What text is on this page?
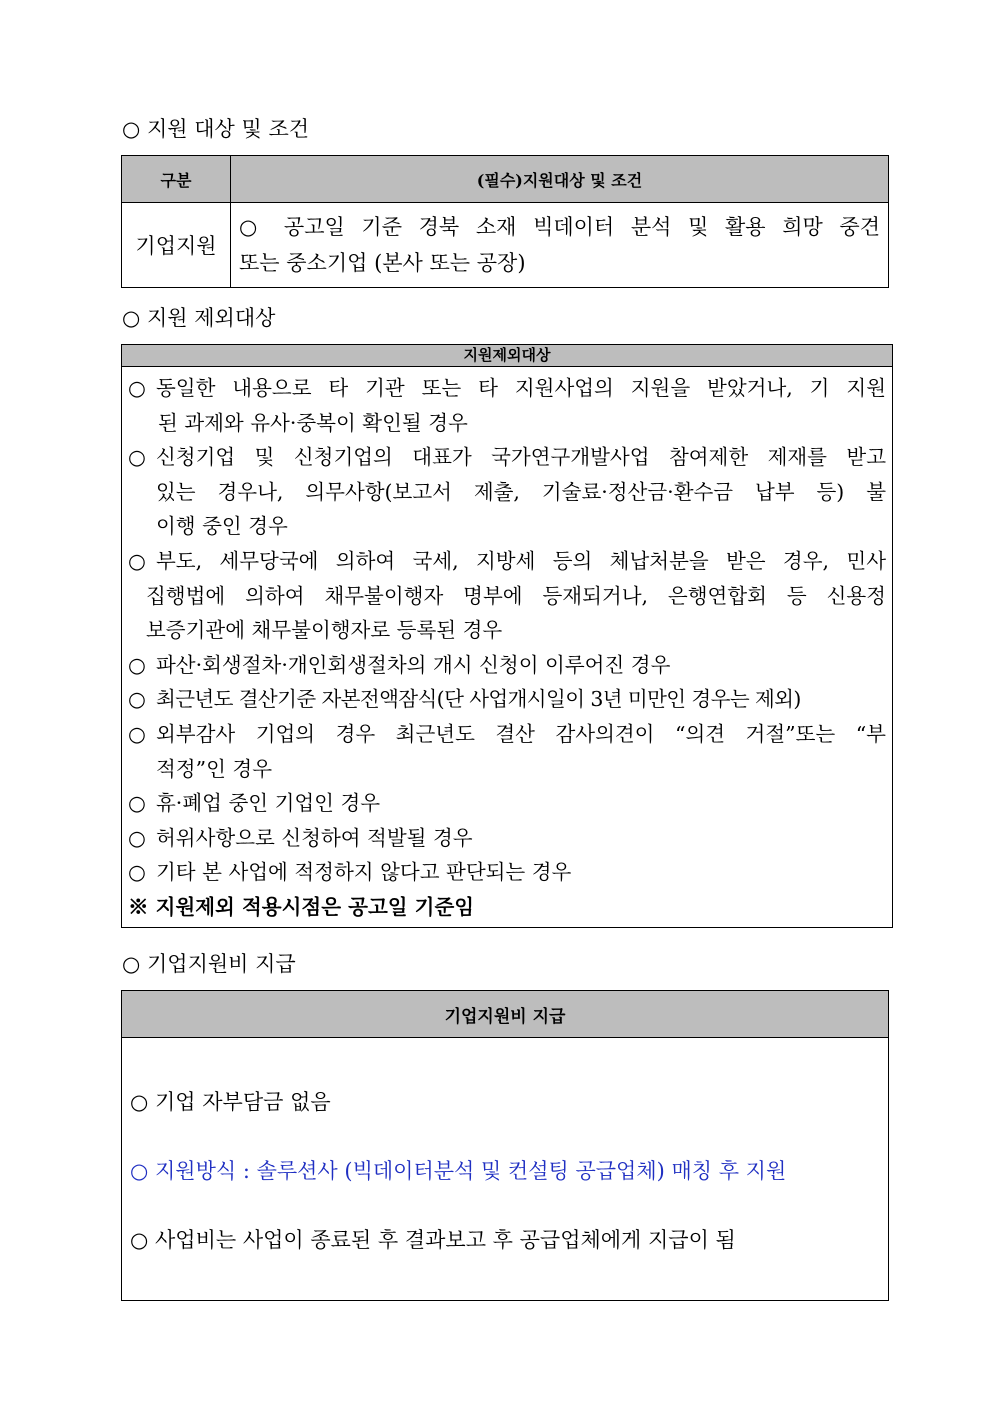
○ 지원 대상 및 조건
구분	(필수)지원대상 및 조건
기업지원	○ 공고일 기준 경북 소재 빅데이터 분석 및 활용 희망 중견
또는 중소기업 (본사 또는 공장)
○ 지원 제외대상
지원제외대상

○ 동일한 내용으로 타 기관 또는 타 지원사업의 지원을 받았거나, 기 지원
된 과제와 유사·중복이 확인될 경우
○ 신청기업 및 신청기업의 대표가 국가연구개발사업 참여제한 제재를 받고
있는 경우나, 의무사항(보고서 제출, 기술료·정산금·환수금 납부 등) 불
이행 중인 경우
○ 부도, 세무당국에 의하여 국세, 지방세 등의 체납처분을 받은 경우, 민사
집행법에 의하여 채무불이행자 명부에 등재되거나, 은행연합회 등 신용정
보증기관에 채무불이행자로 등록된 경우
○ 파산·회생절차·개인회생절차의 개시 신청이 이루어진 경우
○ 최근년도 결산기준 자본전액잠식(단 사업개시일이 3년 미만인 경우는 제외)
○ 외부감사 기업의 경우 최근년도 결산 감사의견이 “의견 거절”또는 “부
적정”인 경우
○ 휴·폐업 중인 기업인 경우
○ 허위사항으로 신청하여 적발될 경우
○ 기타 본 사업에 적정하지 않다고 판단되는 경우
※ 지원제외 적용시점은 공고일 기준임
○ 기업지원비 지급
기업지원비 지급

○ 기업 자부담금 없음
○ 지원방식 : 솔루션사 (빅데이터분석 및 컨설팅 공급업체) 매칭 후 지원
○ 사업비는 사업이 종료된 후 결과보고 후 공급업체에게 지급이 됨
